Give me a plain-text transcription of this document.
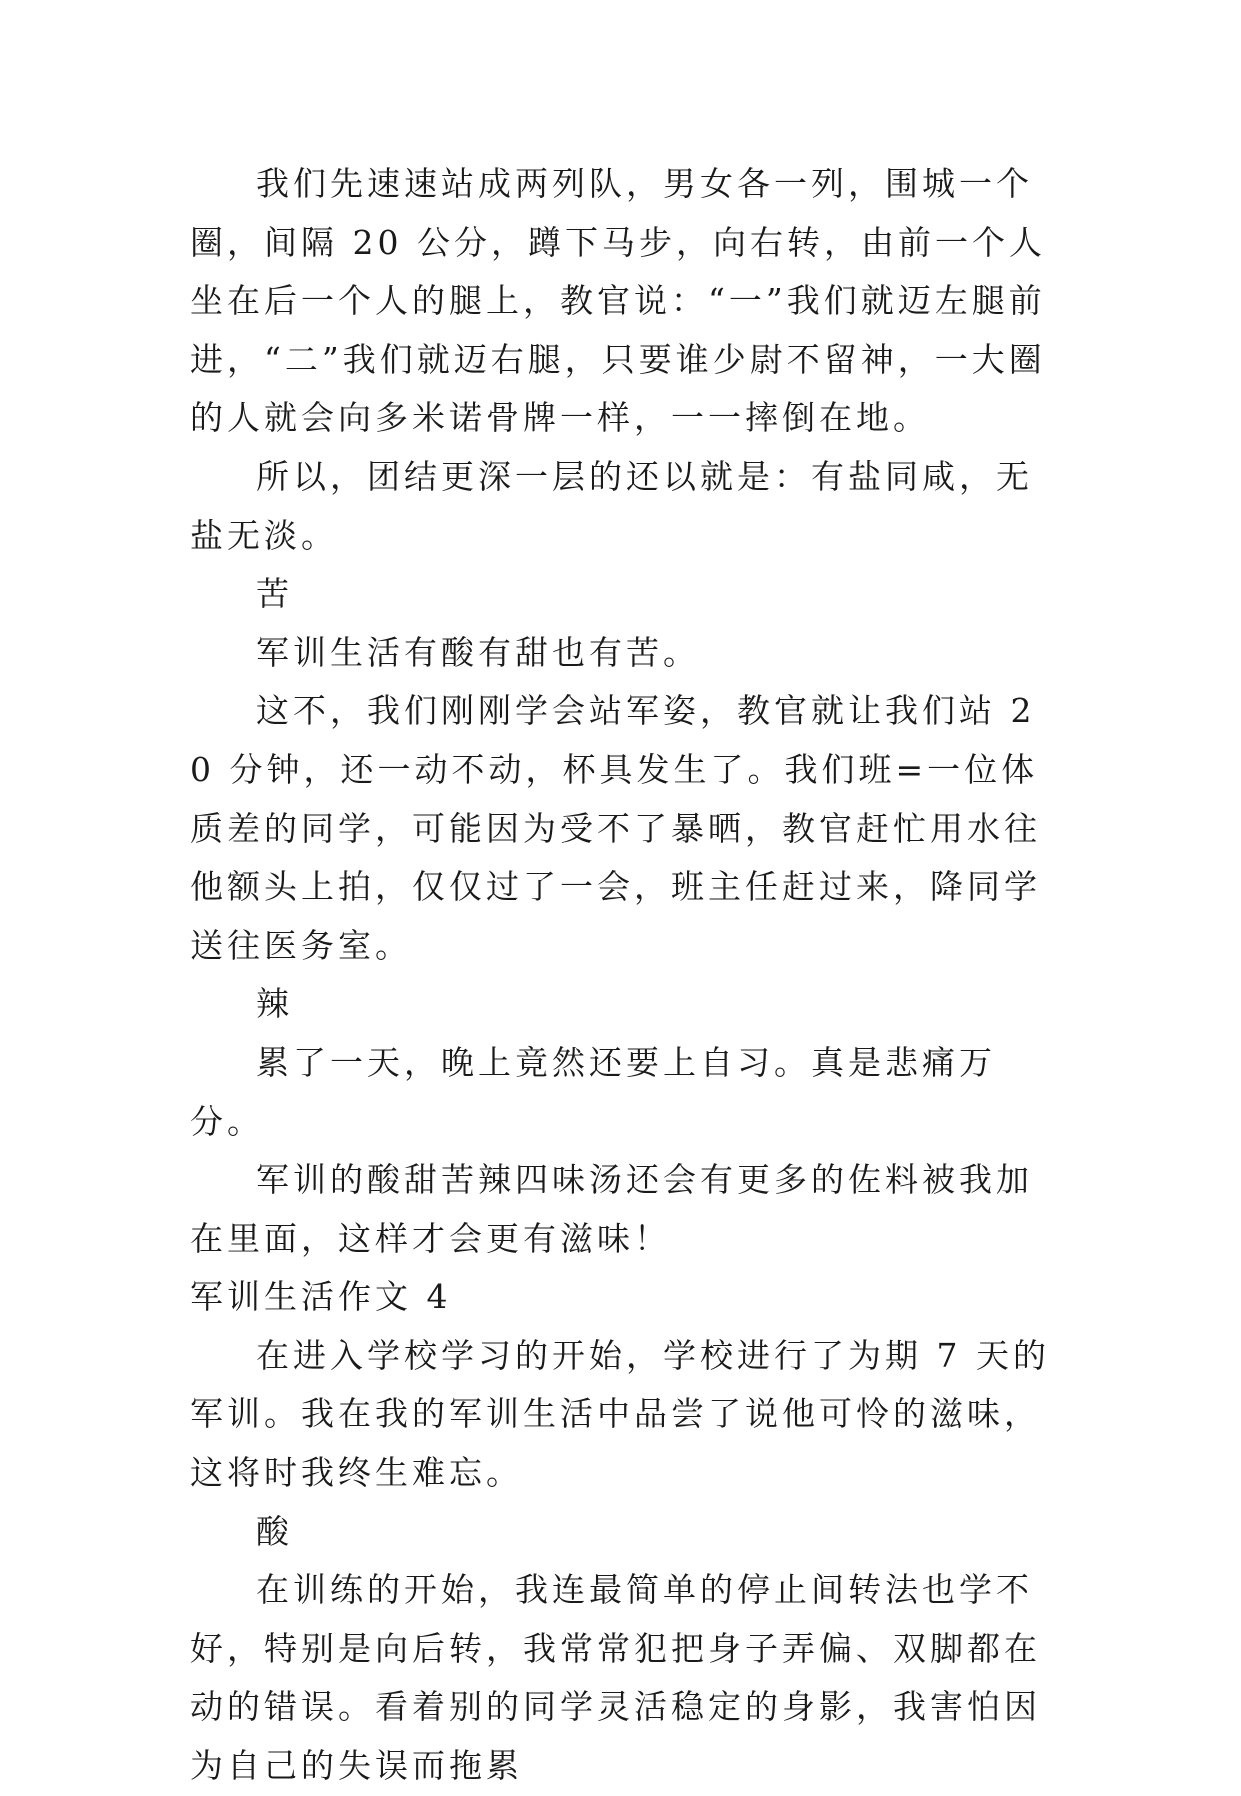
我们先速速站成两列队，男女各一列，围城一个圈，间隔 20 公分，蹲下马步，向右转，由前一个人坐在后一个人的腿上，教官说：“一”我们就迈左腿前进，“二”我们就迈右腿，只要谁少尉不留神，一大圈的人就会向多米诺骨牌一样，一一摔倒在地。

所以，团结更深一层的还以就是：有盐同咸，无盐无淡。

苦

军训生活有酸有甜也有苦。

这不，我们刚刚学会站军姿，教官就让我们站 20 分钟，还一动不动，杯具发生了。我们班=一位体质差的同学，可能因为受不了暴晒，教官赶忙用水往他额头上拍，仅仅过了一会，班主任赶过来，降同学送往医务室。

辣

累了一天，晚上竟然还要上自习。真是悲痛万分。

军训的酸甜苦辣四味汤还会有更多的佐料被我加在里面，这样才会更有滋味！

军训生活作文 4

在进入学校学习的开始，学校进行了为期 7 天的军训。我在我的军训生活中品尝了说他可怜的滋味，这将时我终生难忘。

酸

在训练的开始，我连最简单的停止间转法也学不好，特别是向后转，我常常犯把身子弄偏、双脚都在动的错误。看着别的同学灵活稳定的身影，我害怕因为自己的失误而拖累
